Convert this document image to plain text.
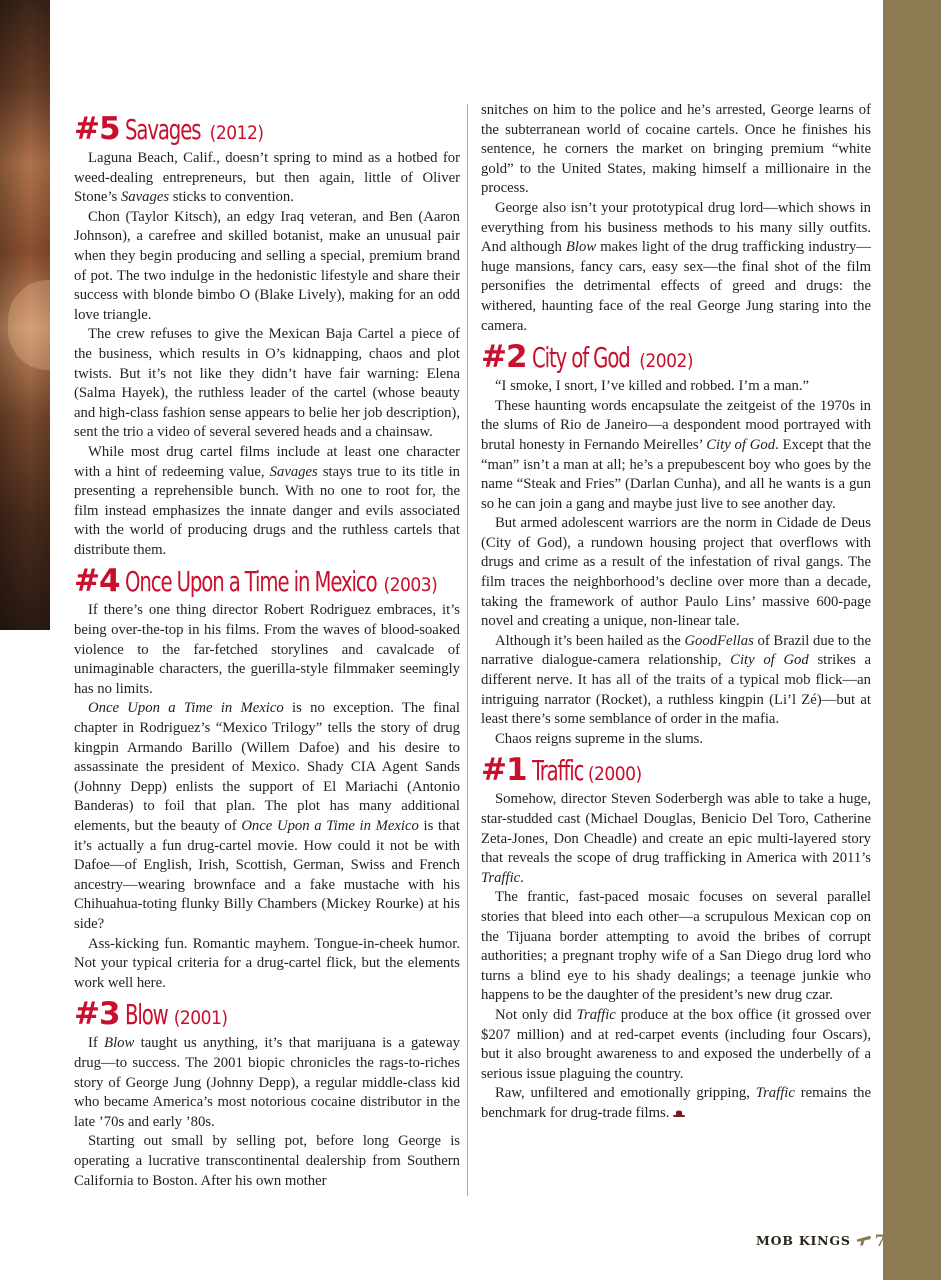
#5 Savages (2012)

Laguna Beach, Calif., doesn’t spring to mind as a hotbed for weed-dealing entrepreneurs, but then again, little of Oliver Stone’s Savages sticks to convention.

Chon (Taylor Kitsch), an edgy Iraq veteran, and Ben (Aaron Johnson), a carefree and skilled botanist, make an unusual pair when they begin producing and selling a special, premium brand of pot. The two indulge in the hedonistic lifestyle and share their success with blonde bimbo O (Blake Lively), making for an odd love triangle.

The crew refuses to give the Mexican Baja Cartel a piece of the business, which results in O’s kidnapping, chaos and plot twists. But it’s not like they didn’t have fair warning: Elena (Salma Hayek), the ruthless leader of the cartel (whose beauty and high-class fashion sense appears to belie her job description), sent the trio a video of several severed heads and a chainsaw.

While most drug cartel films include at least one character with a hint of redeeming value, Savages stays true to its title in presenting a reprehensible bunch. With no one to root for, the film instead emphasizes the innate danger and evils associated with the world of producing drugs and the ruthless cartels that distribute them.

#4 Once Upon a Time in Mexico (2003)

If there’s one thing director Robert Rodriguez embraces, it’s being over-the-top in his films. From the waves of blood-soaked violence to the far-fetched storylines and cavalcade of unimaginable characters, the guerilla-style filmmaker seemingly has no limits.

Once Upon a Time in Mexico is no exception. The final chapter in Rodriguez’s “Mexico Trilogy” tells the story of drug kingpin Armando Barillo (Willem Dafoe) and his desire to assassinate the president of Mexico. Shady CIA Agent Sands (Johnny Depp) enlists the support of El Mariachi (Antonio Banderas) to foil that plan. The plot has many additional elements, but the beauty of Once Upon a Time in Mexico is that it’s actually a fun drug-cartel movie. How could it not be with Dafoe—of English, Irish, Scottish, German, Swiss and French ancestry—wearing brownface and a fake mustache with his Chihuahua-toting flunky Billy Chambers (Mickey Rourke) at his side?

Ass-kicking fun. Romantic mayhem. Tongue-in-cheek humor. Not your typical criteria for a drug-cartel flick, but the elements work well here.

#3 Blow (2001)

If Blow taught us anything, it’s that marijuana is a gateway drug—to success. The 2001 biopic chronicles the rags-to-riches story of George Jung (Johnny Depp), a regular middle-class kid who became America’s most notorious cocaine distributor in the late ’70s and early ’80s.

Starting out small by selling pot, before long George is operating a lucrative transcontinental dealership from Southern California to Boston. After his own mother

snitches on him to the police and he’s arrested, George learns of the subterranean world of cocaine cartels. Once he finishes his sentence, he corners the market on bringing premium “white gold” to the United States, making himself a millionaire in the process.

George also isn’t your prototypical drug lord—which shows in everything from his business methods to his many silly outfits. And although Blow makes light of the drug trafficking industry—huge mansions, fancy cars, easy sex—the final shot of the film personifies the detrimental effects of greed and drugs: the withered, haunting face of the real George Jung staring into the camera.

#2 City of God (2002)

“I smoke, I snort, I’ve killed and robbed. I’m a man.”

These haunting words encapsulate the zeitgeist of the 1970s in the slums of Rio de Janeiro—a despondent mood portrayed with brutal honesty in Fernando Meirelles’ City of God. Except that the “man” isn’t a man at all; he’s a prepubescent boy who goes by the name “Steak and Fries” (Darlan Cunha), and all he wants is a gun so he can join a gang and maybe just live to see another day.

But armed adolescent warriors are the norm in Cidade de Deus (City of God), a rundown housing project that overflows with drugs and crime as a result of the infestation of rival gangs. The film traces the neighborhood’s decline over more than a decade, taking the framework of author Paulo Lins’ massive 600-page novel and creating a unique, non-linear tale.

Although it’s been hailed as the GoodFellas of Brazil due to the narrative dialogue-camera relationship, City of God strikes a different nerve. It has all of the traits of a typical mob flick—an intriguing narrator (Rocket), a ruthless kingpin (Li’l Zé)—but at least there’s some semblance of order in the mafia.

Chaos reigns supreme in the slums.

#1 Traffic (2000)

Somehow, director Steven Soderbergh was able to take a huge, star-studded cast (Michael Douglas, Benicio Del Toro, Catherine Zeta-Jones, Don Cheadle) and create an epic multi-layered story that reveals the scope of drug trafficking in America with 2011’s Traffic.

The frantic, fast-paced mosaic focuses on several parallel stories that bleed into each other—a scrupulous Mexican cop on the Tijuana border attempting to avoid the bribes of corrupt authorities; a pregnant trophy wife of a San Diego drug lord who turns a blind eye to his shady dealings; a teenage junkie who happens to be the daughter of the president’s new drug czar.

Not only did Traffic produce at the box office (it grossed over $207 million) and at red-carpet events (including four Oscars), but it also brought awareness to and exposed the underbelly of a serious issue plaguing the country.

Raw, unfiltered and emotionally gripping, Traffic remains the benchmark for drug-trade films.

MOB KINGS 7
